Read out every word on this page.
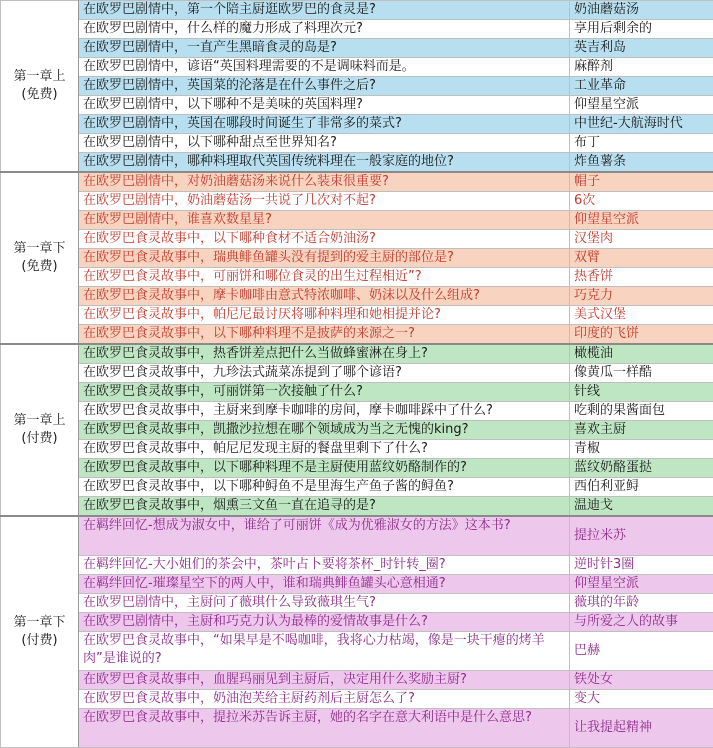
第一章上
(免费)	在欧罗巴剧情中，第一个陪主厨逛欧罗巴的食灵是?	奶油蘑菇汤
	在欧罗巴剧情中，什么样的魔力形成了料理次元?	享用后剩余的
	在欧罗巴剧情中，一直产生黑暗食灵的岛是?	英吉利岛
	在欧罗巴剧情中，谚语“英国料理需要的不是调味料而是。	麻醉剂
	在欧罗巴剧情中，英国菜的沦落是在什么事件之后?	工业革命
	在欧罗巴剧情中，以下哪种不是美味的英国料理?	仰望星空派
	在欧罗巴剧情中，英国在哪段时间诞生了非常多的菜式?	中世纪-大航海时代
	在欧罗巴剧情中，以下哪种甜点至世界知名?	布丁
	在欧罗巴剧情中，哪种料理取代英国传统料理在一般家庭的地位?	炸鱼薯条
第一章下
(免费)	在欧罗巴剧情中，对奶油蘑菇汤来说什么装束很重要?	帽子
	在欧罗巴剧情中，奶油蘑菇汤一共说了几次对不起?	6次
	在欧罗巴剧情中，谁喜欢数星星?	仰望星空派
	在欧罗巴食灵故事中，以下哪种食材不适合奶油汤?	汉堡肉
	在欧罗巴食灵故事中，瑞典鲱鱼罐头没有提到的爱主厨的部位是?	双臂
	在欧罗巴食灵故事中，可丽饼和哪位食灵的出生过程相近”?	热香饼
	在欧罗巴食灵故事中，摩卡咖啡由意式特浓咖啡、奶沫以及什么组成?	巧克力
	在欧罗巴食灵故事中，帕尼尼最讨厌将哪种料理和她相提并论?	美式汉堡
	在欧罗巴食灵故事中，以下哪种料理不是披萨的来源之一?	印度的飞饼
第一章上
(付费)	在欧罗巴食灵故事中，热香饼差点把什么当做蜂蜜淋在身上?	橄榄油
	在欧罗巴食灵故事中，九珍法式蔬菜冻提到了哪个谚语?	像黄瓜一样酷
	在欧罗巴食灵故事中，可丽饼第一次接触了什么?	针线
	在欧罗巴食灵故事中，主厨来到摩卡咖啡的房间，摩卡咖啡踩中了什么?	吃剩的果酱面包
	在欧罗巴食灵故事中，凯撒沙拉想在哪个领域成为当之无愧的king?	喜欢主厨
	在欧罗巴食灵故事中，帕尼尼发现主厨的餐盘里剩下了什么?	青椒
	在欧罗巴食灵故事中，以下哪种料理不是主厨使用蓝纹奶酪制作的?	蓝纹奶酪蛋挞
	在欧罗巴食灵故事中，以下哪种鲟鱼不是里海生产鱼子酱的鲟鱼?	西伯利亚鲟
	在欧罗巴食灵故事中，烟熏三文鱼一直在追寻的是?	温迪戈
第一章下
(付费)	在羁绊回忆-想成为淑女中，谁给了可丽饼《成为优雅淑女的方法》这本书?	提拉米苏
	在羁绊回忆-大小姐们的茶会中，茶叶占卜要将茶杯_时针转_圈?	逆时针3圈
	在羁绊回忆-璀璨星空下的两人中，谁和瑞典鲱鱼罐头心意相通?	仰望星空派
	在欧罗巴剧情中，主厨问了薇琪什么导致薇琪生气?	薇琪的年龄
	在欧罗巴剧情中，主厨和巧克力认为最棒的爱情故事是什么?	与所爱之人的故事
	在欧罗巴食灵故事中，“如果早是不喝咖啡，我将心力枯竭，像是一块干瘪的烤羊肉”是谁说的?	巴赫
	在欧罗巴食灵故事中，血腥玛丽见到主厨后，决定用什么奖励主厨?	铁处女
	在欧罗巴食灵故事中，奶油泡芙给主厨药剂后主厨怎么了?	变大
	在欧罗巴食灵故事中，提拉米苏告诉主厨，她的名字在意大利语中是什么意思?	让我提起精神
